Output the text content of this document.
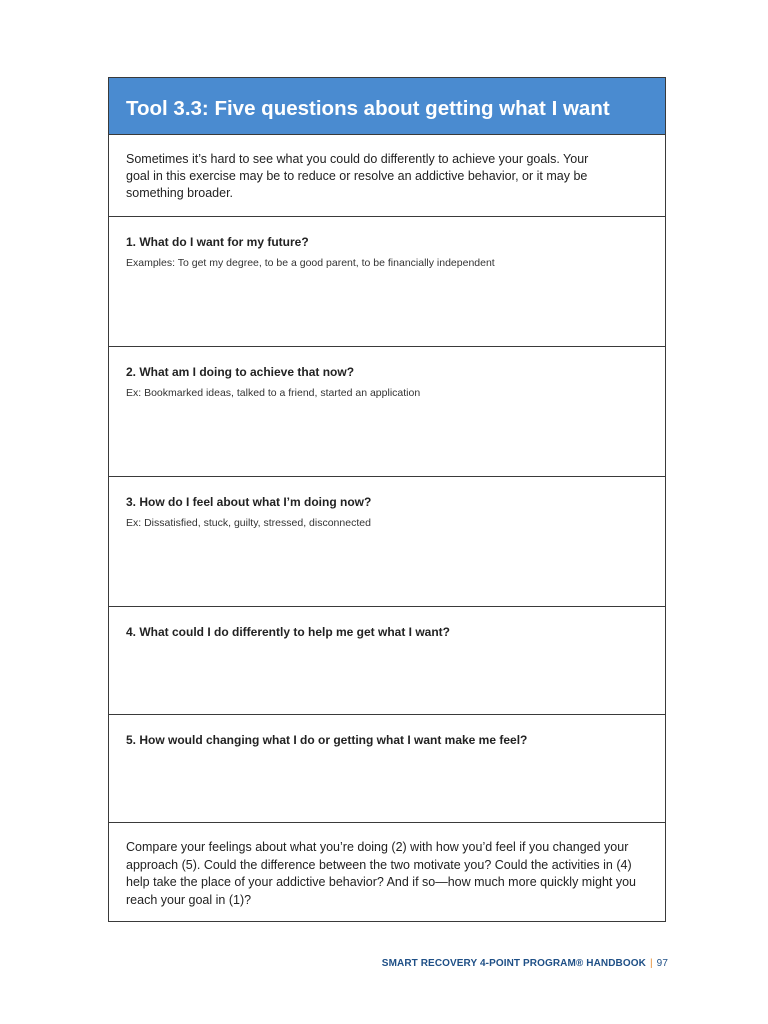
Tool 3.3: Five questions about getting what I want

Sometimes it’s hard to see what you could do differently to achieve your goals. Your goal in this exercise may be to reduce or resolve an addictive behavior, or it may be something broader.

1. What do I want for my future?

Examples: To get my degree, to be a good parent, to be financially independent

2. What am I doing to achieve that now?

Ex: Bookmarked ideas, talked to a friend, started an application

3. How do I feel about what I’m doing now?

Ex: Dissatisfied, stuck, guilty, stressed, disconnected

4. What could I do differently to help me get what I want?

5. How would changing what I do or getting what I want make me feel?

Compare your feelings about what you’re doing (2) with how you’d feel if you changed your approach (5). Could the difference between the two motivate you? Could the activities in (4) help take the place of your addictive behavior? And if so—how much more quickly might you reach your goal in (1)?

SMART RECOVERY 4-POINT PROGRAM® HANDBOOK | 97
